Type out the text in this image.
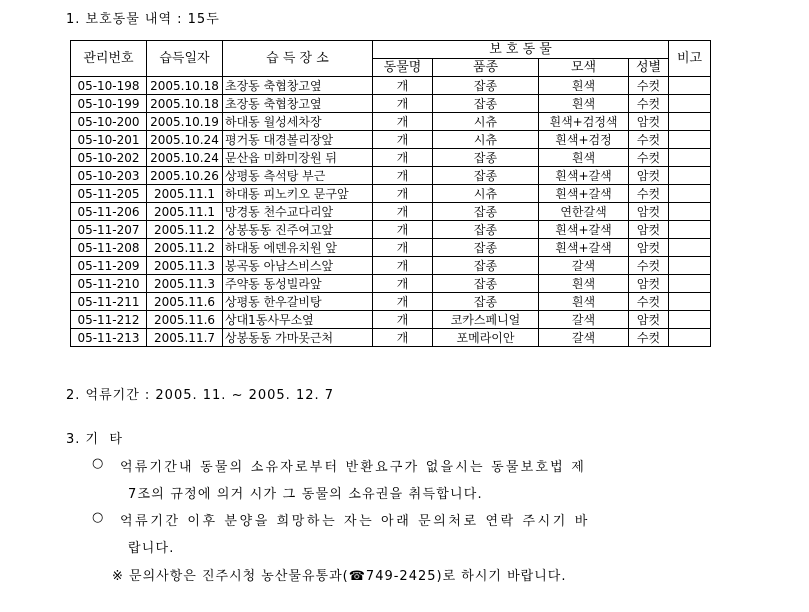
1. 보호동물 내역 : 15두
관리번호	습득일자	습 득 장 소	보 호 동 물				비고
			동물명	품종	모색	성별	
05-10-198	2005.10.18	초장동 축협창고옆	개	잡종	흰색	수컷	
05-10-199	2005.10.18	초장동 축협창고옆	개	잡종	흰색	수컷	
05-10-200	2005.10.19	하대동 월성세차장	개	시츄	흰색+검정색	암컷	
05-10-201	2005.10.24	평거동 대경볼리장앞	개	시츄	흰색+검정	수컷	
05-10-202	2005.10.24	문산읍 미화미장원 뒤	개	잡종	흰색	수컷	
05-10-203	2005.10.26	상평동 측석탕 부근	개	잡종	흰색+갈색	암컷	
05-11-205	2005.11.1	하대동 피노키오 문구앞	개	시츄	흰색+갈색	수컷	
05-11-206	2005.11.1	망경동 천수교다리앞	개	잡종	연한갈색	암컷	
05-11-207	2005.11.2	상봉동동 진주여고앞	개	잡종	흰색+갈색	암컷	
05-11-208	2005.11.2	하대동 에덴유치원 앞	개	잡종	흰색+갈색	암컷	
05-11-209	2005.11.3	봉곡동 아남스비스앞	개	잡종	갈색	수컷	
05-11-210	2005.11.3	주약동 동성빌라앞	개	잡종	흰색	암컷	
05-11-211	2005.11.6	상평동 한우갈비탕	개	잡종	흰색	수컷	
05-11-212	2005.11.6	상대1동사무소옆	개	코카스페니얼	갈색	암컷	
05-11-213	2005.11.7	상봉동동 가마못근처	개	포메라이안	갈색	수컷	
2. 억류기간 : 2005. 11. ~ 2005. 12. 7
3. 기  타
○ 억류기간내 동물의 소유자로부터 반환요구가 없을시는 동물보호법 제
7조의 규정에 의거 시가 그 동물의 소유권을 취득합니다.
○ 억류기간 이후 분양을 희망하는 자는 아래 문의처로 연락 주시기 바
랍니다.
※ 문의사항은 진주시청 농산물유통과(☎749-2425)로 하시기 바랍니다.
